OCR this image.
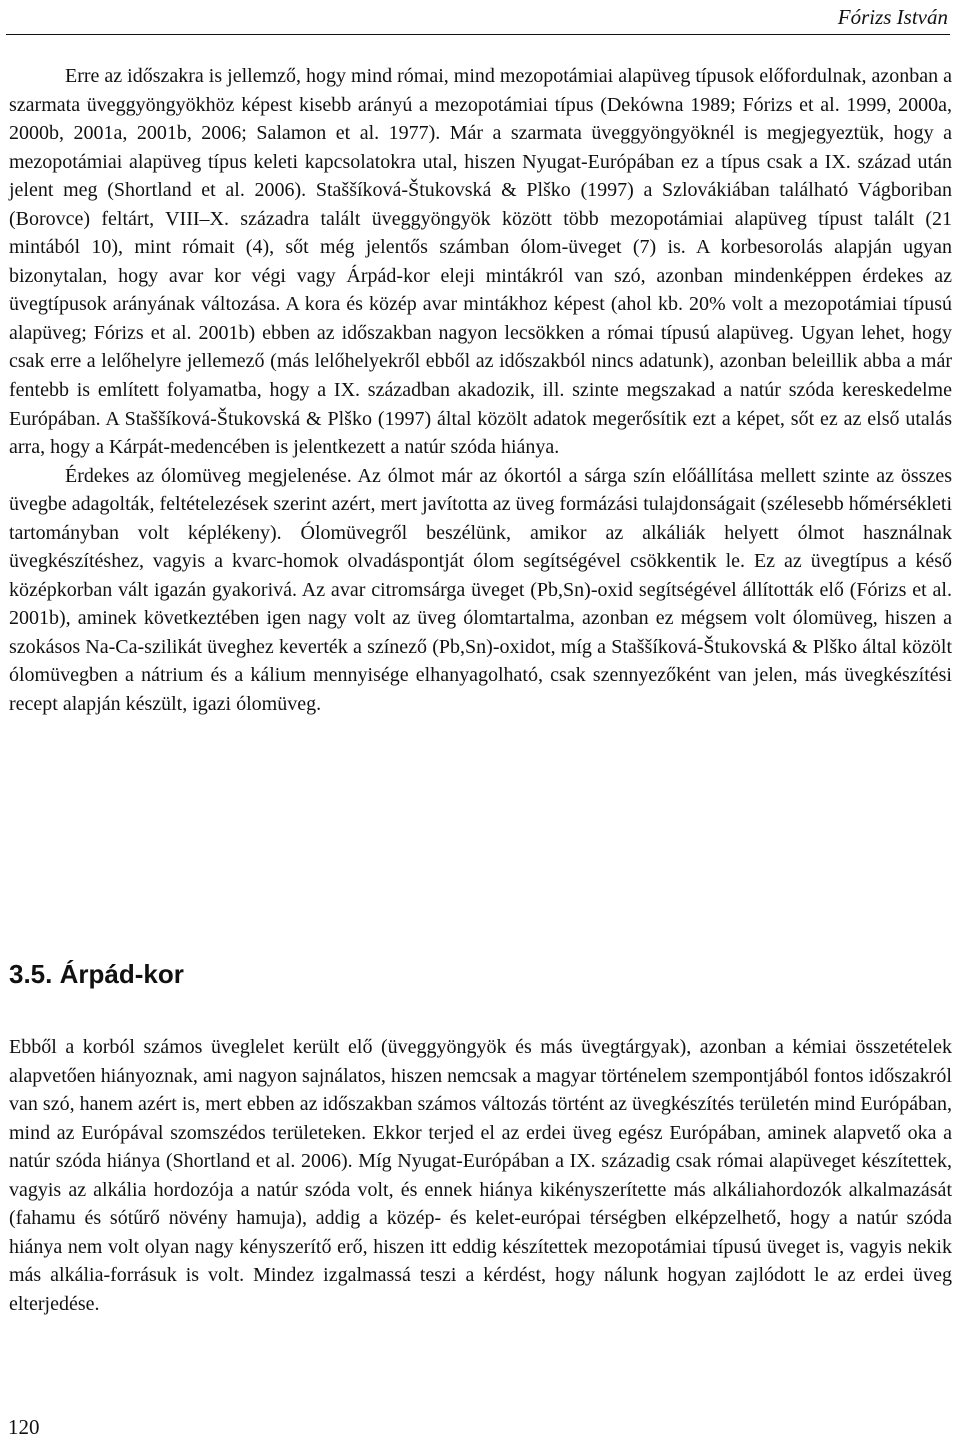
Fórizs István

Erre az időszakra is jellemző, hogy mind római, mind mezopotámiai alapüveg típusok előfordulnak, azonban a szarmata üveggyöngyökhöz képest kisebb arányú a mezopotámiai típus (Dekówna 1989; Fórizs et al. 1999, 2000a, 2000b, 2001a, 2001b, 2006; Salamon et al. 1977). Már a szarmata üveggyöngyöknél is megjegyeztük, hogy a mezopotámiai alapüveg típus keleti kapcsolatokra utal, hiszen Nyugat-Európában ez a típus csak a IX. század után jelent meg (Shortland et al. 2006). Staššíková-Štukovská & Plško (1997) a Szlovákiában található Vágboriban (Borovce) feltárt, VIII–X. századra talált üveggyöngyök között több mezopotámiai alapüveg típust talált (21 mintából 10), mint rómait (4), sőt még jelentős számban ólom-üveget (7) is. A korbesorolás alapján ugyan bizonytalan, hogy avar kor végi vagy Árpád-kor eleji mintákról van szó, azonban mindenképpen érdekes az üvegtípusok arányának változása. A kora és közép avar mintákhoz képest (ahol kb. 20% volt a mezopotámiai típusú alapüveg; Fórizs et al. 2001b) ebben az időszakban nagyon lecsökken a római típusú alapüveg. Ugyan lehet, hogy csak erre a lelőhelyre jellemező (más lelőhelyekről ebből az időszakból nincs adatunk), azonban beleillik abba a már fentebb is említett folyamatba, hogy a IX. században akadozik, ill. szinte megszakad a natúr szóda kereskedelme Európában. A Staššíková-Štukovská & Plško (1997) által közölt adatok megerősítik ezt a képet, sőt ez az első utalás arra, hogy a Kárpát-medencében is jelentkezett a natúr szóda hiánya.

Érdekes az ólomüveg megjelenése. Az ólmot már az ókortól a sárga szín előállítása mellett szinte az összes üvegbe adagolták, feltételezések szerint azért, mert javította az üveg formázási tulajdonságait (szélesebb hőmérsékleti tartományban volt képlékeny). Ólomüvegről beszélünk, amikor az alkáliák helyett ólmot használnak üvegkészítéshez, vagyis a kvarc-homok olvadáspontját ólom segítségével csökkentik le. Ez az üvegtípus a késő középkorban vált igazán gyakorivá. Az avar citromsárga üveget (Pb,Sn)-oxid segítségével állították elő (Fórizs et al. 2001b), aminek következtében igen nagy volt az üveg ólomtartalma, azonban ez mégsem volt ólomüveg, hiszen a szokásos Na-Ca-szilikát üveghez keverték a színező (Pb,Sn)-oxidot, míg a Staššíková-Štukovská & Plško által közölt ólomüvegben a nátrium és a kálium mennyisége elhanyagolható, csak szennyezőként van jelen, más üvegkészítési recept alapján készült, igazi ólomüveg.

3.5. Árpád-kor

Ebből a korból számos üveglelet került elő (üveggyöngyök és más üvegtárgyak), azonban a kémiai összetételek alapvetően hiányoznak, ami nagyon sajnálatos, hiszen nemcsak a magyar történelem szempontjából fontos időszakról van szó, hanem azért is, mert ebben az időszakban számos változás történt az üvegkészítés területén mind Európában, mind az Európával szomszédos területeken. Ekkor terjed el az erdei üveg egész Európában, aminek alapvető oka a natúr szóda hiánya (Shortland et al. 2006). Míg Nyugat-Európában a IX. századig csak római alapüveget készítettek, vagyis az alkália hordozója a natúr szóda volt, és ennek hiánya kikényszerítette más alkáliahordozók alkalmazását (fahamu és sótűrő növény hamuja), addig a közép- és kelet-európai térségben elképzelhető, hogy a natúr szóda hiánya nem volt olyan nagy kényszerítő erő, hiszen itt eddig készítettek mezopotámiai típusú üveget is, vagyis nekik más alkália-forrásuk is volt. Mindez izgalmassá teszi a kérdést, hogy nálunk hogyan zajlódott le az erdei üveg elterjedése.

120
